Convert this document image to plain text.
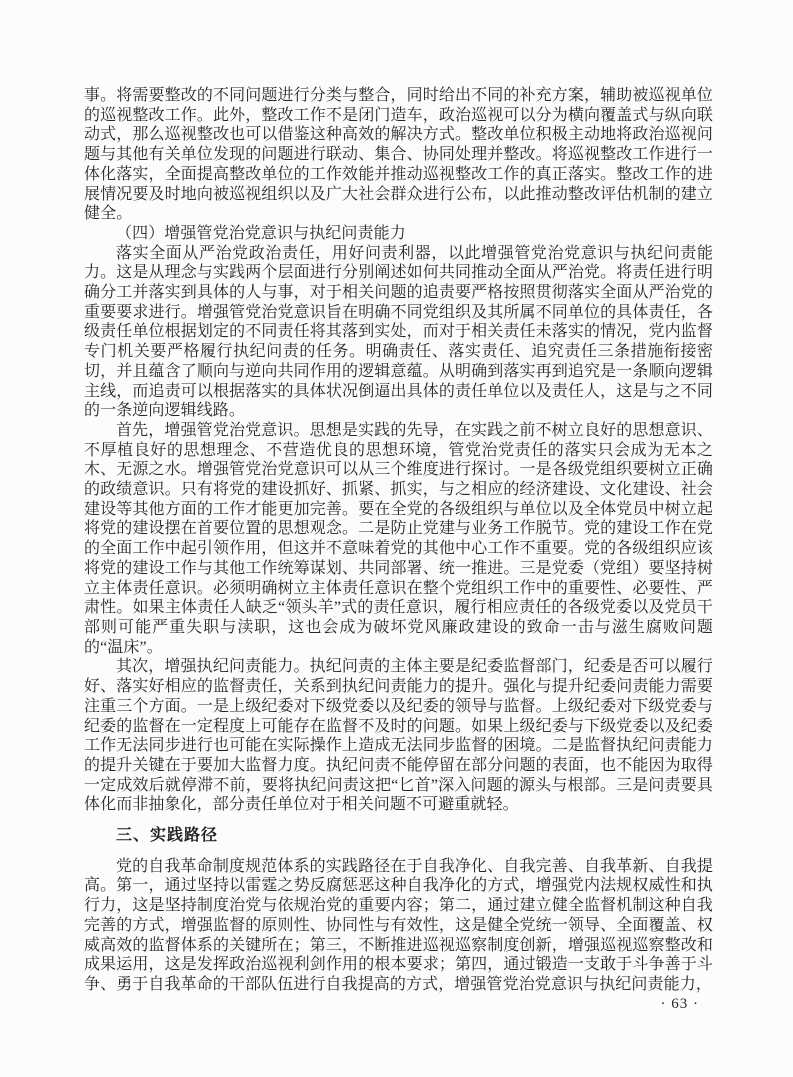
事。将需要整改的不同问题进行分类与整合，同时给出不同的补充方案，辅助被巡视单位的巡视整改工作。此外，整改工作不是闭门造车，政治巡视可以分为横向覆盖式与纵向联动式，那么巡视整改也可以借鉴这种高效的解决方式。整改单位积极主动地将政治巡视问题与其他有关单位发现的问题进行联动、集合、协同处理并整改。将巡视整改工作进行一体化落实，全面提高整改单位的工作效能并推动巡视整改工作的真正落实。整改工作的进展情况要及时地向被巡视组织以及广大社会群众进行公布，以此推动整改评估机制的建立健全。

（四）增强管党治党意识与执纪问责能力

落实全面从严治党政治责任，用好问责利器，以此增强管党治党意识与执纪问责能力。这是从理念与实践两个层面进行分别阐述如何共同推动全面从严治党。将责任进行明确分工并落实到具体的人与事，对于相关问题的追责要严格按照贯彻落实全面从严治党的重要要求进行。增强管党治党意识旨在明确不同党组织及其所属不同单位的具体责任，各级责任单位根据划定的不同责任将其落到实处，而对于相关责任未落实的情况，党内监督专门机关要严格履行执纪问责的任务。明确责任、落实责任、追究责任三条措施衔接密切，并且蕴含了顺向与逆向共同作用的逻辑意蕴。从明确到落实再到追究是一条顺向逻辑主线，而追责可以根据落实的具体状况倒逼出具体的责任单位以及责任人，这是与之不同的一条逆向逻辑线路。

首先，增强管党治党意识。思想是实践的先导，在实践之前不树立良好的思想意识、不厚植良好的思想理念、不营造优良的思想环境，管党治党责任的落实只会成为无本之木、无源之水。增强管党治党意识可以从三个维度进行探讨。一是各级党组织要树立正确的政绩意识。只有将党的建设抓好、抓紧、抓实，与之相应的经济建设、文化建设、社会建设等其他方面的工作才能更加完善。要在全党的各级组织与单位以及全体党员中树立起将党的建设摆在首要位置的思想观念。二是防止党建与业务工作脱节。党的建设工作在党的全面工作中起引领作用，但这并不意味着党的其他中心工作不重要。党的各级组织应该将党的建设工作与其他工作统筹谋划、共同部署、统一推进。三是党委（党组）要坚持树立主体责任意识。必须明确树立主体责任意识在整个党组织工作中的重要性、必要性、严肃性。如果主体责任人缺乏“领头羊”式的责任意识，履行相应责任的各级党委以及党员干部则可能严重失职与渎职，这也会成为破坏党风廉政建设的致命一击与滋生腐败问题的“温床”。

其次，增强执纪问责能力。执纪问责的主体主要是纪委监督部门，纪委是否可以履行好、落实好相应的监督责任，关系到执纪问责能力的提升。强化与提升纪委问责能力需要注重三个方面。一是上级纪委对下级党委以及纪委的领导与监督。上级纪委对下级党委与纪委的监督在一定程度上可能存在监督不及时的问题。如果上级纪委与下级党委以及纪委工作无法同步进行也可能在实际操作上造成无法同步监督的困境。二是监督执纪问责能力的提升关键在于要加大监督力度。执纪问责不能停留在部分问题的表面，也不能因为取得一定成效后就停滞不前，要将执纪问责这把“匕首”深入问题的源头与根部。三是问责要具体化而非抽象化，部分责任单位对于相关问题不可避重就轻。

三、实践路径

党的自我革命制度规范体系的实践路径在于自我净化、自我完善、自我革新、自我提高。第一，通过坚持以雷霆之势反腐惩恶这种自我净化的方式，增强党内法规权威性和执行力，这是坚持制度治党与依规治党的重要内容；第二，通过建立健全监督机制这种自我完善的方式，增强监督的原则性、协同性与有效性，这是健全党统一领导、全面覆盖、权威高效的监督体系的关键所在；第三，不断推进巡视巡察制度创新，增强巡视巡察整改和成果运用，这是发挥政治巡视利剑作用的根本要求；第四，通过锻造一支敢于斗争善于斗争、勇于自我革命的干部队伍进行自我提高的方式，增强管党治党意识与执纪问责能力，

· 63 ·
